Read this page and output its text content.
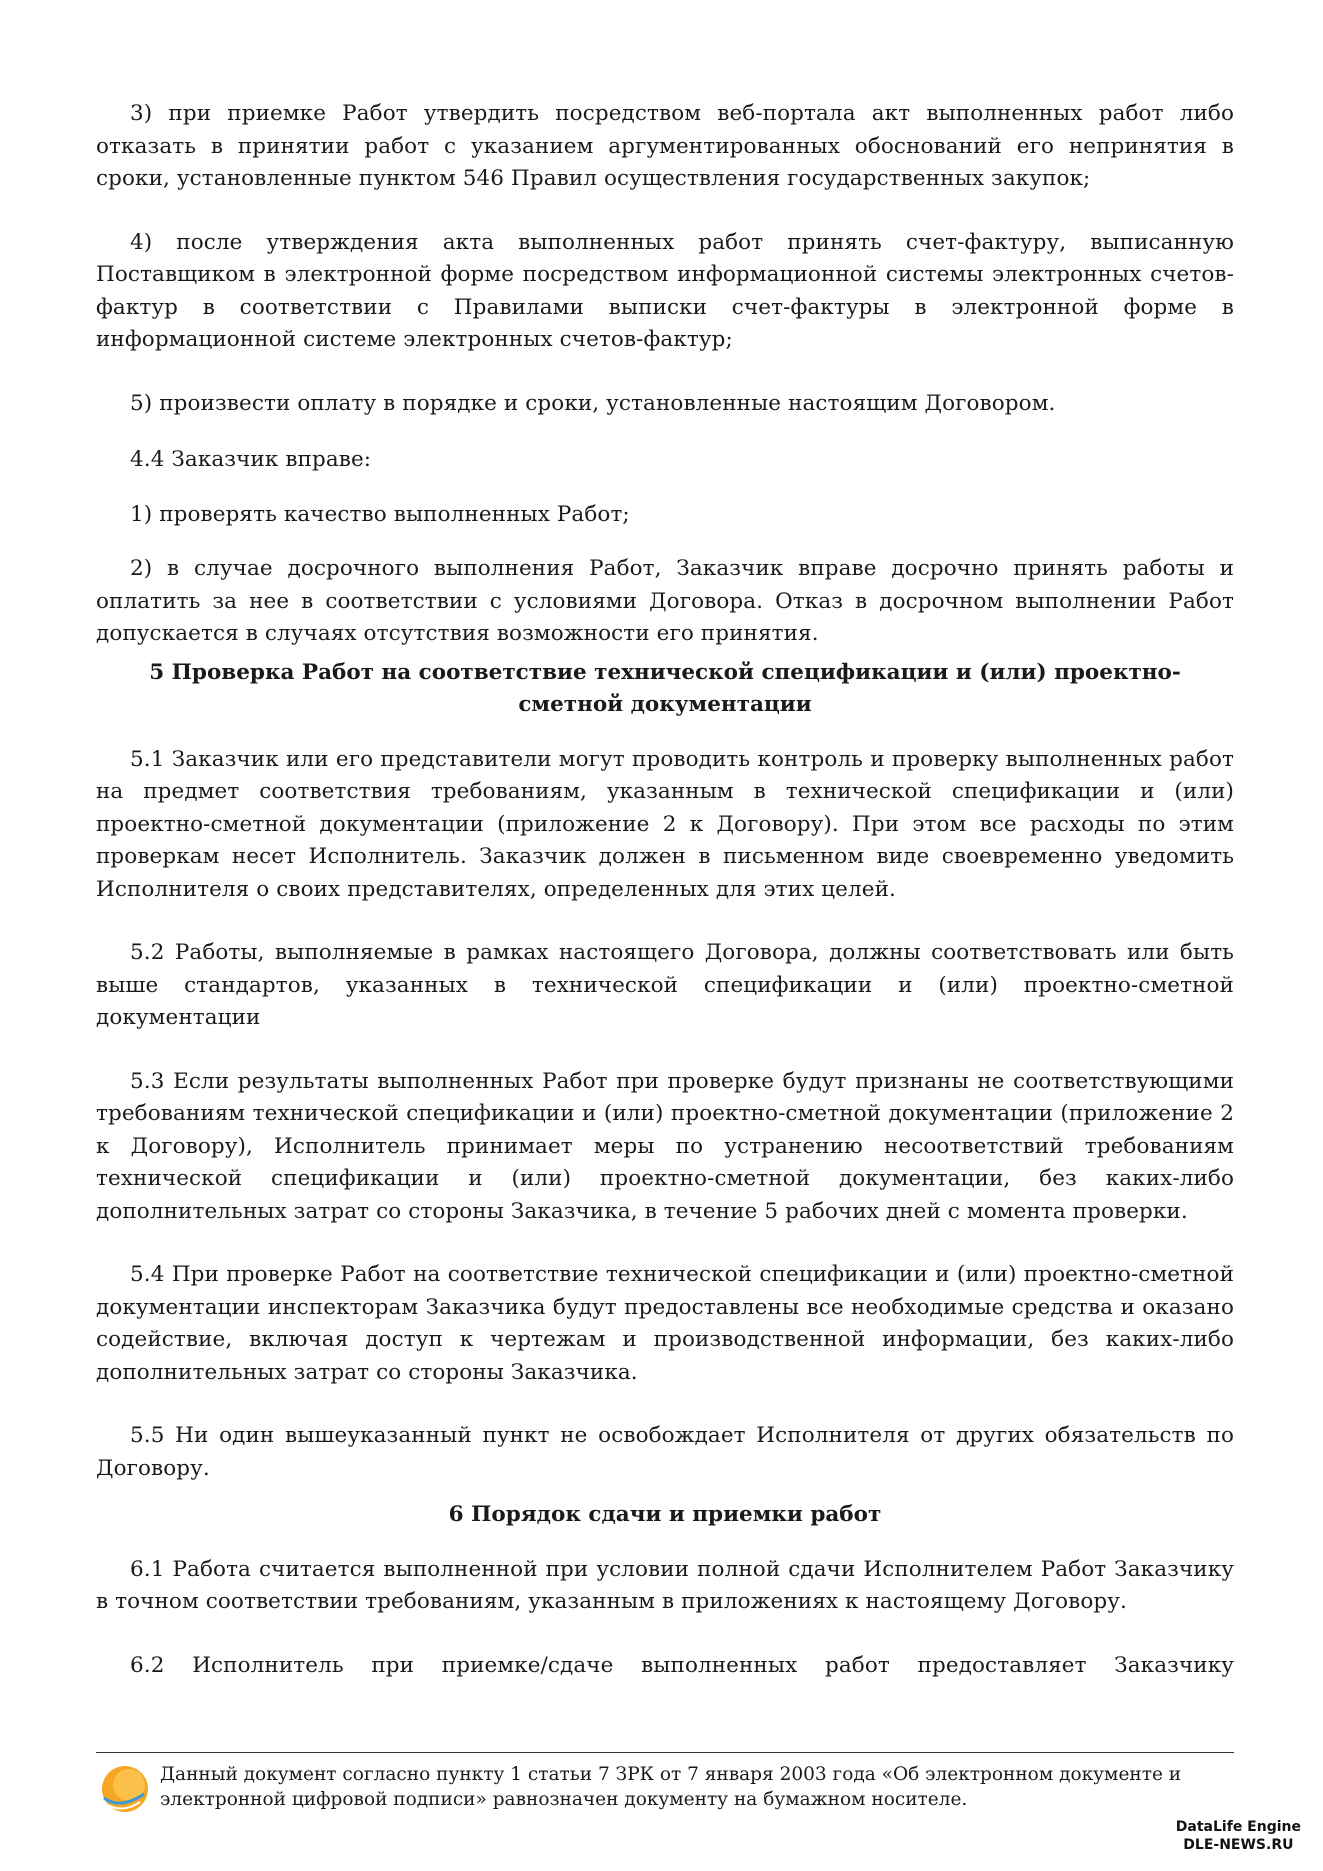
3) при приемке Работ утвердить посредством веб-портала акт выполненных работ либо отказать в принятии работ с указанием аргументированных обоснований его непринятия в сроки, установленные пунктом 546 Правил осуществления государственных закупок;

4) после утверждения акта выполненных работ принять счет-фактуру, выписанную Поставщиком в электронной форме посредством информационной системы электронных счетов-фактур в соответствии с Правилами выписки счет-фактуры в электронной форме в информационной системе электронных счетов-фактур;

5) произвести оплату в порядке и сроки, установленные настоящим Договором.

4.4 Заказчик вправе:

1) проверять качество выполненных Работ;

2) в случае досрочного выполнения Работ, Заказчик вправе досрочно принять работы и оплатить за нее в соответствии с условиями Договора. Отказ в досрочном выполнении Работ допускается в случаях отсутствия возможности его принятия.

5 Проверка Работ на соответствие технической спецификации и (или) проектно-сметной документации

5.1 Заказчик или его представители могут проводить контроль и проверку выполненных работ на предмет соответствия требованиям, указанным в технической спецификации и (или) проектно-сметной документации (приложение 2 к Договору). При этом все расходы по этим проверкам несет Исполнитель. Заказчик должен в письменном виде своевременно уведомить Исполнителя о своих представителях, определенных для этих целей.

5.2 Работы, выполняемые в рамках настоящего Договора, должны соответствовать или быть выше стандартов, указанных в технической спецификации и (или) проектно-сметной документации

5.3 Если результаты выполненных Работ при проверке будут признаны не соответствующими требованиям технической спецификации и (или) проектно-сметной документации (приложение 2 к Договору), Исполнитель принимает меры по устранению несоответствий требованиям технической спецификации и (или) проектно-сметной документации, без каких-либо дополнительных затрат со стороны Заказчика, в течение 5 рабочих дней с момента проверки.

5.4 При проверке Работ на соответствие технической спецификации и (или) проектно-сметной документации инспекторам Заказчика будут предоставлены все необходимые средства и оказано содействие, включая доступ к чертежам и производственной информации, без каких-либо дополнительных затрат со стороны Заказчика.

5.5 Ни один вышеуказанный пункт не освобождает Исполнителя от других обязательств по Договору.

6 Порядок сдачи и приемки работ

6.1 Работа считается выполненной при условии полной сдачи Исполнителем Работ Заказчику в точном соответствии требованиям, указанным в приложениях к настоящему Договору.

6.2 Исполнитель при приемке/сдаче выполненных работ предоставляет Заказчику

Данный документ согласно пункту 1 статьи 7 ЗРК от 7 января 2003 года «Об электронном документе и электронной цифровой подписи» равнозначен документу на бумажном носителе.
DataLife Engine
DLE-NEWS.RU
